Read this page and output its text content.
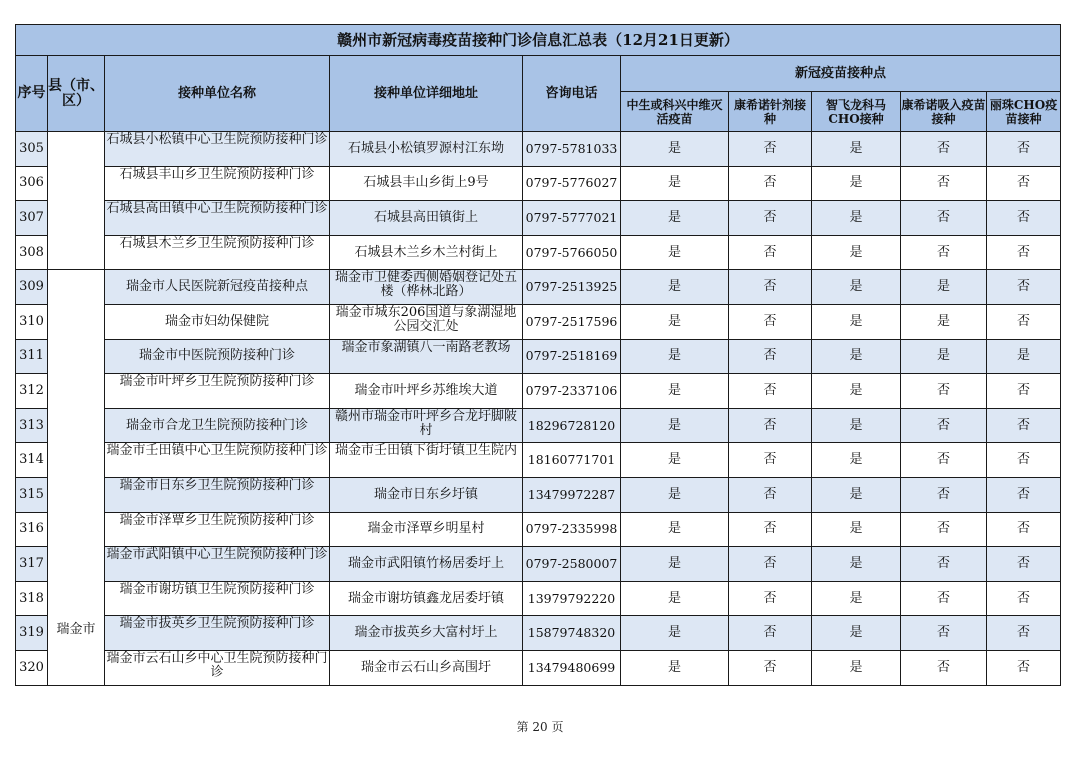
赣州市新冠病毒疫苗接种门诊信息汇总表（12月21日更新）									
序号	县（市、区）	接种单位名称	接种单位详细地址	咨询电话	新冠疫苗接种点				
					中生或科兴中维灭活疫苗	康希诺针剂接种	智飞龙科马CHO接种	康希诺吸入疫苗接种	丽珠CHO疫苗接种
305		石城县小松镇中心卫生院预防接种门诊	石城县小松镇罗源村江东坳	0797-5781033	是	否	是	否	否
306		石城县丰山乡卫生院预防接种门诊	石城县丰山乡街上9号	0797-5776027	是	否	是	否	否
307		石城县高田镇中心卫生院预防接种门诊	石城县高田镇街上	0797-5777021	是	否	是	否	否
308		石城县木兰乡卫生院预防接种门诊	石城县木兰乡木兰村街上	0797-5766050	是	否	是	否	否
309	瑞金市	瑞金市人民医院新冠疫苗接种点	瑞金市卫健委西侧婚姻登记处五楼（桦林北路）	0797-2513925	是	否	是	是	否
310		瑞金市妇幼保健院	瑞金市城东206国道与象湖湿地公园交汇处	0797-2517596	是	否	是	是	否
311		瑞金市中医院预防接种门诊	瑞金市象湖镇八一南路老教场	0797-2518169	是	否	是	是	是
312		瑞金市叶坪乡卫生院预防接种门诊	瑞金市叶坪乡苏维埃大道	0797-2337106	是	否	是	否	否
313		瑞金市合龙卫生院预防接种门诊	赣州市瑞金市叶坪乡合龙圩脚陂村	18296728120	是	否	是	否	否
314		瑞金市壬田镇中心卫生院预防接种门诊	瑞金市壬田镇下街圩镇卫生院内	18160771701	是	否	是	否	否
315		瑞金市日东乡卫生院预防接种门诊	瑞金市日东乡圩镇	13479972287	是	否	是	否	否
316		瑞金市泽覃乡卫生院预防接种门诊	瑞金市泽覃乡明星村	0797-2335998	是	否	是	否	否
317		瑞金市武阳镇中心卫生院预防接种门诊	瑞金市武阳镇竹杨居委圩上	0797-2580007	是	否	是	否	否
318		瑞金市谢坊镇卫生院预防接种门诊	瑞金市谢坊镇鑫龙居委圩镇	13979792220	是	否	是	否	否
319		瑞金市拔英乡卫生院预防接种门诊	瑞金市拔英乡大富村圩上	15879748320	是	否	是	否	否
320		瑞金市云石山乡中心卫生院预防接种门诊	瑞金市云石山乡高围圩	13479480699	是	否	是	否	否
第 20 页
